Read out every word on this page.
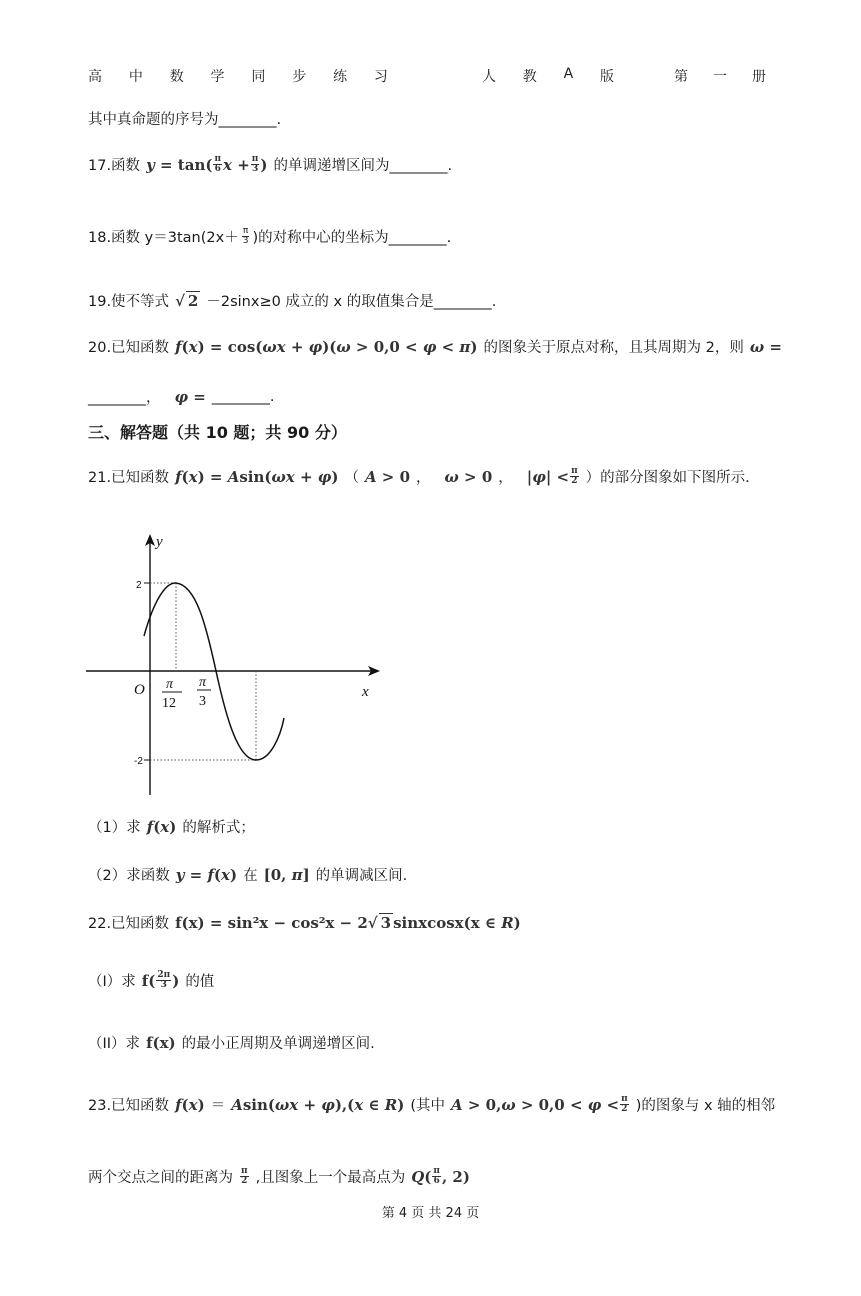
高 中 数 学 同 步 练 习	人 教 A 版	第 一 册
其中真命题的序号为________.
17.函数 $y = \tan( \frac{\pi}{6}$ $x + \frac{\pi}{3}$ ) 的单调递增区间为________.
18.函数 $y=3\tan(2x+ \frac{\pi}{3}$ )的对称中心的坐标为________.
19.使不等式 √ 2 －2sinx≥0 成立的 x 的取值集合是________.
20.已知函数 f ( x ) = cos( ωx + φ )( ω > 0,0 < φ < π ) 的图象关于原点对称，且其周期为 2，则 ω =
________， φ = ________.
三、解答题（共 10 题；共 90 分）
21.已知函数 f ( x ) = A sin( ωx + φ ) （ A > 0 ， ω > 0 ， | φ | < $\frac{\pi}{2}$ ）的部分图象如下图所示.
y
x
O
2
-2
π
12
π
3
（1）求 f ( x ) 的解析式；
（2）求函数 y = f ( x ) 在 [0, π ] 的单调减区间.
22.已知函数 f(x) = sin²x − cos²x − 2 √ 3 sinxcosx(x ∈ R )
（I）求 $f( \frac{2\pi}{3}$ ) 的值
（II）求 f(x) 的最小正周期及单调递增区间.
23.已知函数 f ( x ) ＝ A sin( ωx + φ ),( x ∈ R ) (其中 A > 0, $\omega > 0,0 < \varphi < \frac{\pi}{2}$ )的图象与 x 轴的相邻
两个交点之间的距离为 $\frac{\pi}{2}$ ,且图象上一个最高点为 Q ( $\frac{\pi}{6}$ , 2)
第 4 页 共 24 页
